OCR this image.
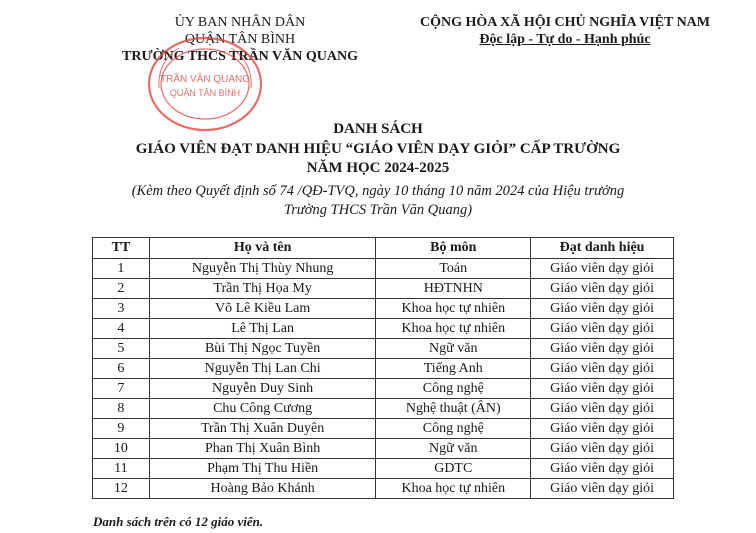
ỦY BAN NHÂN DÂN
QUẬN TÂN BÌNH
TRƯỜNG THCS TRẦN VĂN QUANG
CỘNG HÒA XÃ HỘI CHỦ NGHĨA VIỆT NAM
Độc lập - Tự do - Hạnh phúc
TRẦN VĂN QUANG
QUẬN TÂN BÌNH
DANH SÁCH
GIÁO VIÊN ĐẠT DANH HIỆU “GIÁO VIÊN DẠY GIỎI” CẤP TRƯỜNG
NĂM HỌC 2024-2025
(Kèm theo Quyết định số 74 /QĐ-TVQ, ngày 10 tháng 10 năm 2024 của Hiệu trưởng
Trường THCS Trần Văn Quang)
TT	Họ và tên	Bộ môn	Đạt danh hiệu
1	Nguyễn Thị Thùy Nhung	Toán	Giáo viên dạy giỏi
2	Trần Thị Họa My	HĐTNHN	Giáo viên dạy giỏi
3	Võ Lê Kiều Lam	Khoa học tự nhiên	Giáo viên dạy giỏi
4	Lê Thị Lan	Khoa học tự nhiên	Giáo viên dạy giỏi
5	Bùi Thị Ngọc Tuyền	Ngữ văn	Giáo viên dạy giỏi
6	Nguyễn Thị Lan Chi	Tiếng Anh	Giáo viên dạy giỏi
7	Nguyễn Duy Sinh	Công nghệ	Giáo viên dạy giỏi
8	Chu Công Cương	Nghệ thuật (ÂN)	Giáo viên dạy giỏi
9	Trần Thị Xuân Duyên	Công nghệ	Giáo viên dạy giỏi
10	Phan Thị Xuân Bình	Ngữ văn	Giáo viên dạy giỏi
11	Phạm Thị Thu Hiền	GDTC	Giáo viên dạy giỏi
12	Hoàng Bảo Khánh	Khoa học tự nhiên	Giáo viên dạy giỏi
Danh sách trên có 12 giáo viên.
